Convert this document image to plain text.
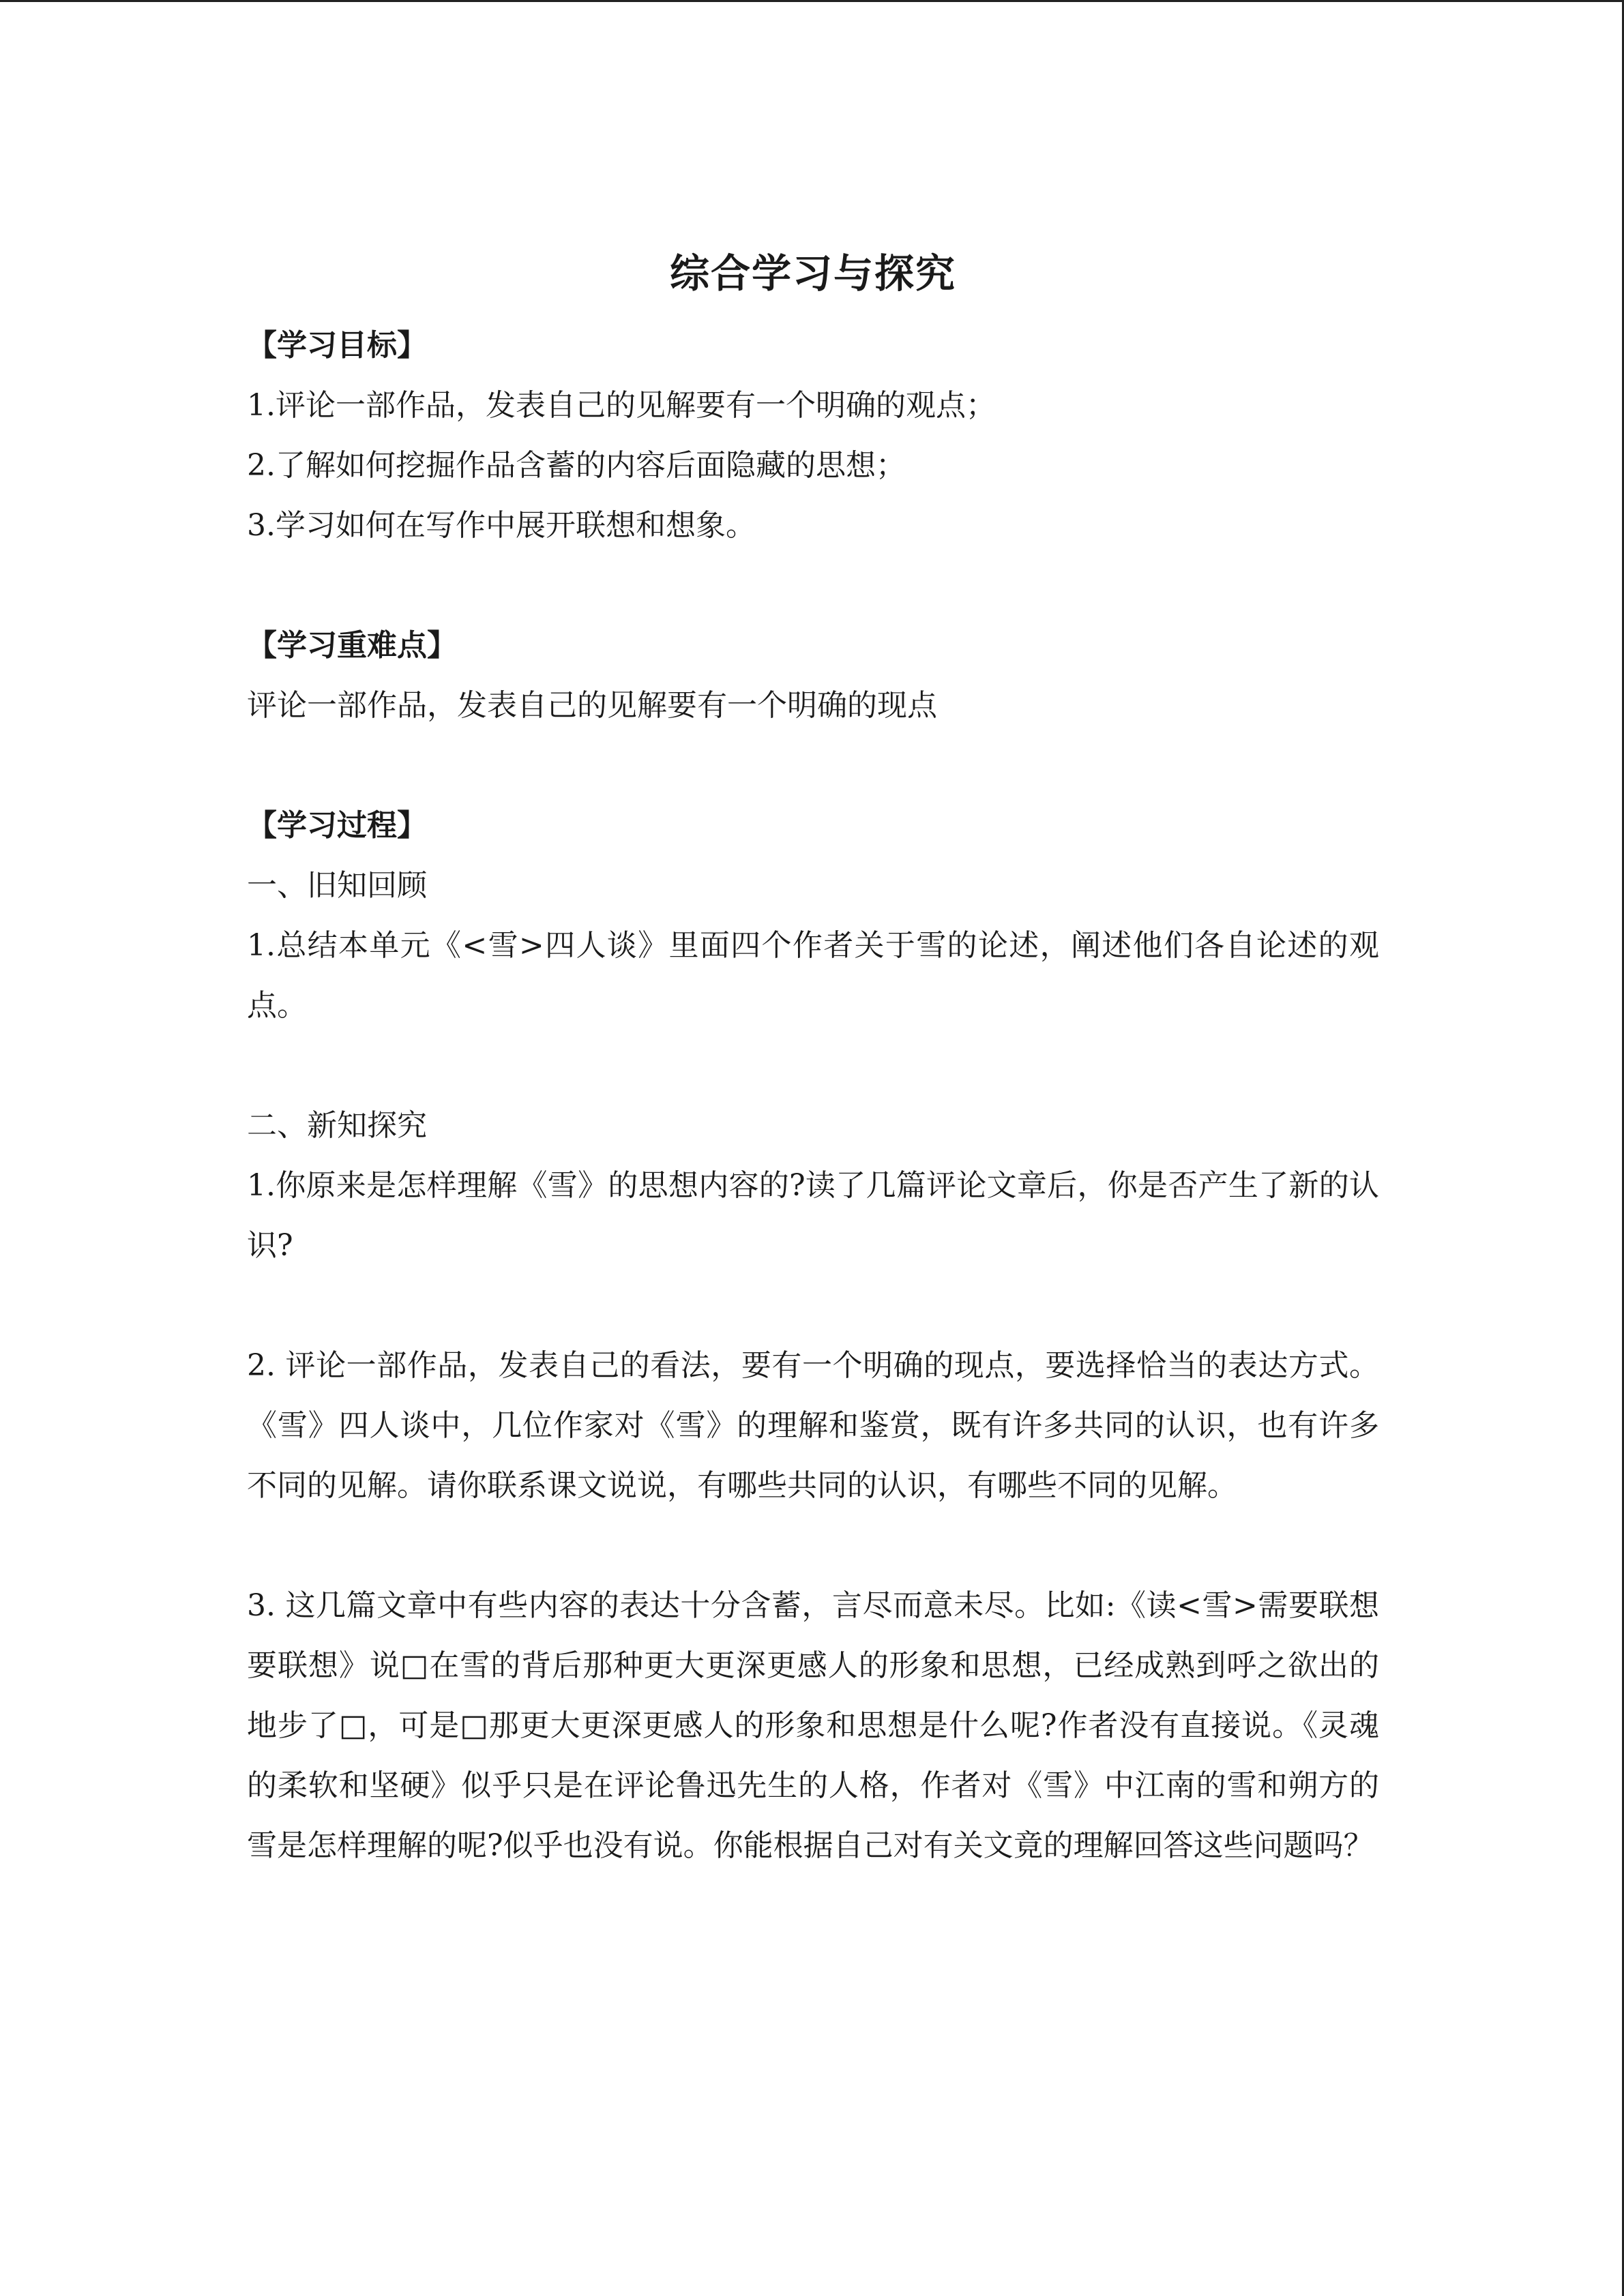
综合学习与探究
【学习目标】
1.评论一部作品，发表自己的见解要有一个明确的观点；
2.了解如何挖掘作品含蓄的内容后面隐藏的思想；
3.学习如何在写作中展开联想和想象。
【学习重难点】
评论一部作品，发表自己的见解要有一个明确的现点
【学习过程】
一、旧知回顾
1.总结本单元《<雪>四人谈》里面四个作者关于雪的论述，阐述他们各自论述的观点。
二、新知探究
1.你原来是怎样理解《雪》的思想内容的?读了几篇评论文章后，你是否产生了新的认识?
2. 评论一部作品，发表自己的看法，要有一个明确的现点，要选择恰当的表达方式。《雪》四人谈中，几位作家对《雪》的理解和鉴赏，既有许多共同的认识，也有许多不同的见解。请你联系课文说说，有哪些共同的认识，有哪些不同的见解。
3. 这几篇文章中有些内容的表达十分含蓄，言尽而意未尽。比如:《读<雪>需要联想要联想》说□在雪的背后那种更大更深更感人的形象和思想，已经成熟到呼之欲出的地步了□，可是□那更大更深更感人的形象和思想是什么呢?作者没有直接说。《灵魂的柔软和坚硬》似乎只是在评论鲁迅先生的人格，作者对《雪》中江南的雪和朔方的雪是怎样理解的呢?似乎也没有说。你能根据自己对有关文竟的理解回答这些问题吗？
